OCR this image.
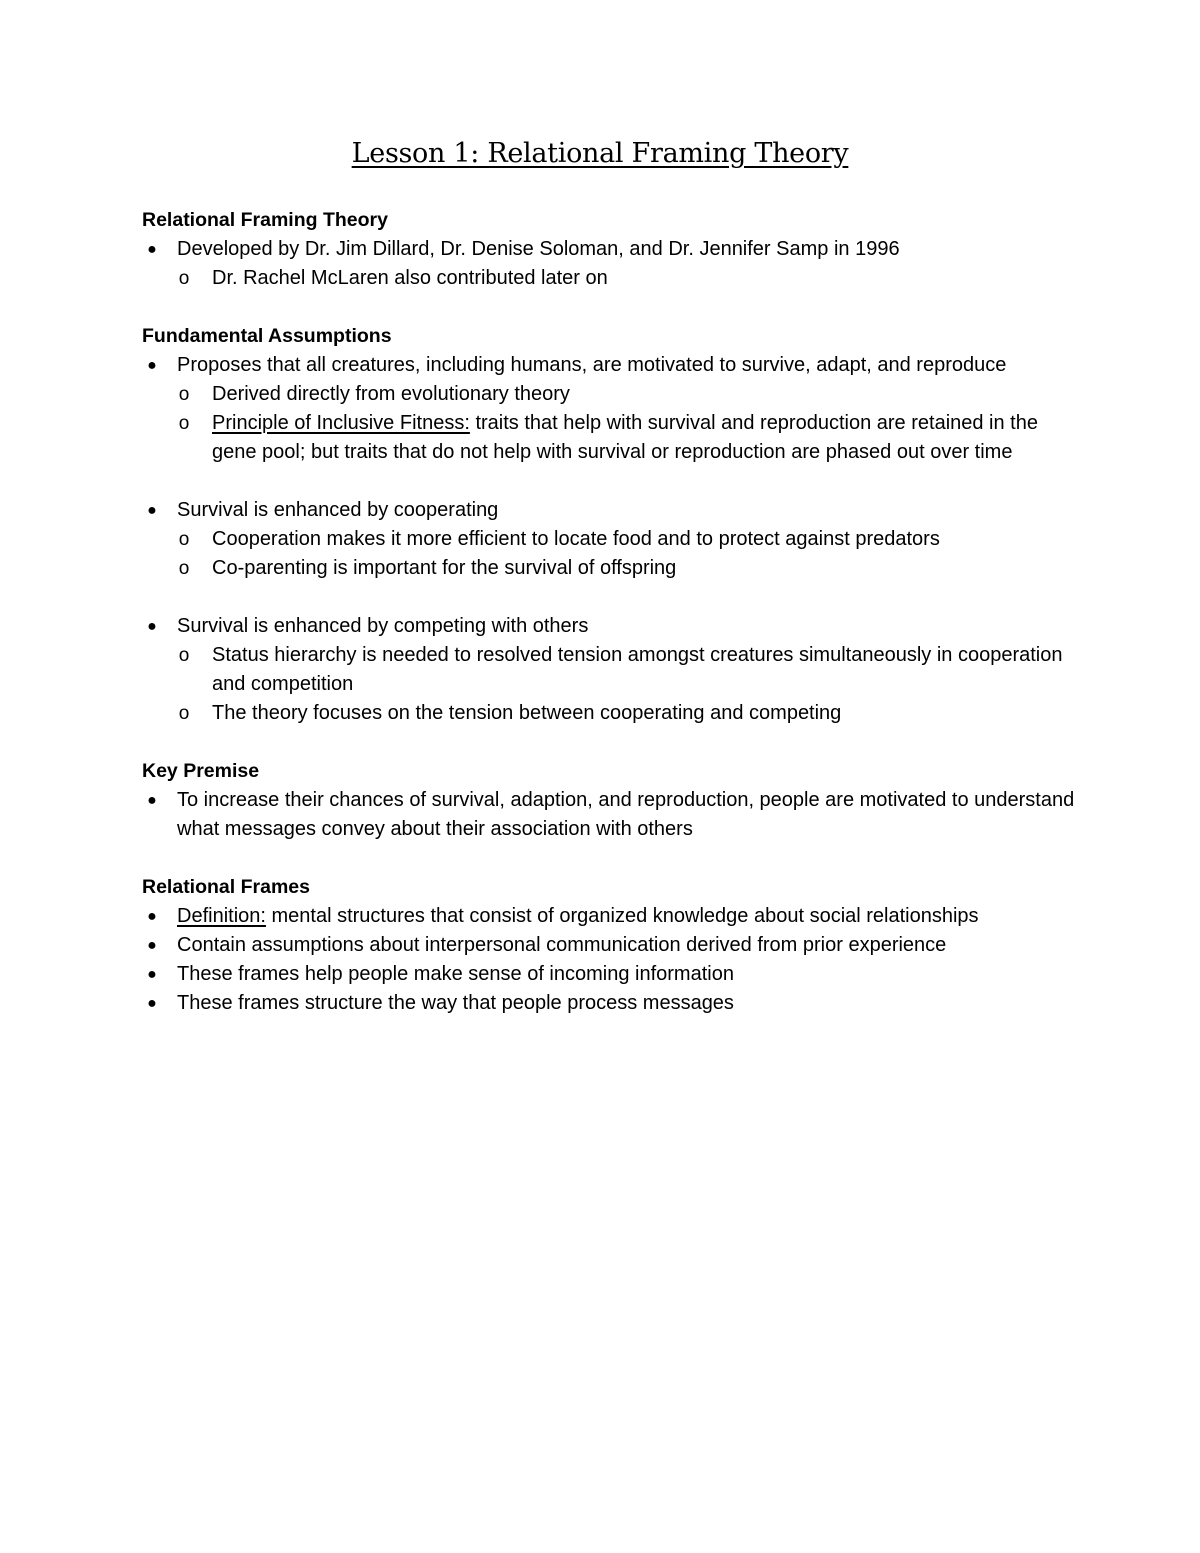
Lesson 1: Relational Framing Theory
Relational Framing Theory
● Developed by Dr. Jim Dillard, Dr. Denise Soloman, and Dr. Jennifer Samp in 1996
o Dr. Rachel McLaren also contributed later on
Fundamental Assumptions
● Proposes that all creatures, including humans, are motivated to survive, adapt, and reproduce
o Derived directly from evolutionary theory
o Principle of Inclusive Fitness: traits that help with survival and reproduction are retained in the gene pool; but traits that do not help with survival or reproduction are phased out over time
● Survival is enhanced by cooperating
o Cooperation makes it more efficient to locate food and to protect against predators
o Co-parenting is important for the survival of offspring
● Survival is enhanced by competing with others
o Status hierarchy is needed to resolved tension amongst creatures simultaneously in cooperation and competition
o The theory focuses on the tension between cooperating and competing
Key Premise
● To increase their chances of survival, adaption, and reproduction, people are motivated to understand what messages convey about their association with others
Relational Frames
● Definition: mental structures that consist of organized knowledge about social relationships
● Contain assumptions about interpersonal communication derived from prior experience
● These frames help people make sense of incoming information
● These frames structure the way that people process messages
